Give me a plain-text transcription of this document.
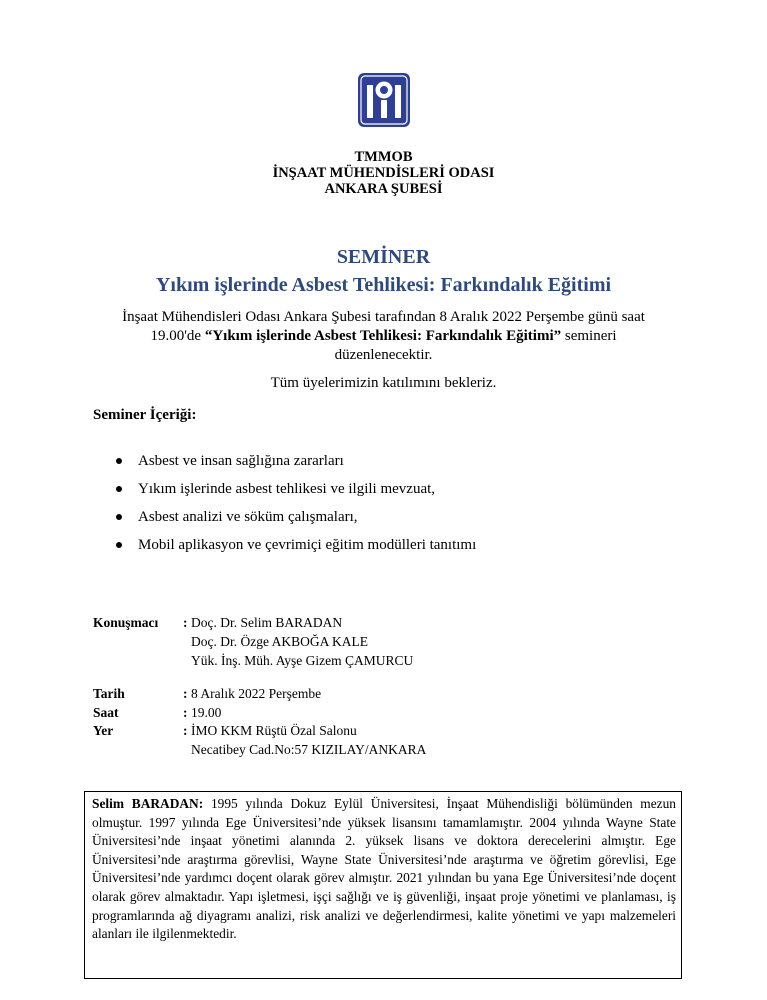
TMMOB
İNŞAAT MÜHENDİSLERİ ODASI
ANKARA ŞUBESİ
SEMİNER
Yıkım işlerinde Asbest Tehlikesi: Farkındalık Eğitimi
İnşaat Mühendisleri Odası Ankara Şubesi tarafından 8 Aralık 2022 Perşembe günü saat 19.00'de “Yıkım işlerinde Asbest Tehlikesi: Farkındalık Eğitimi” semineri düzenlenecektir.
Tüm üyelerimizin katılımını bekleriz.
Seminer İçeriği:
Asbest ve insan sağlığına zararları
Yıkım işlerinde asbest tehlikesi ve ilgili mevzuat,
Asbest analizi ve söküm çalışmaları,
Mobil aplikasyon ve çevrimiçi eğitim modülleri tanıtımı
Konuşmacı : Doç. Dr. Selim BARADAN
Doç. Dr. Özge AKBOĞA KALE
Yük. İnş. Müh. Ayşe Gizem ÇAMURCU
Tarih	: 8 Aralık 2022 Perşembe
Saat	: 19.00
Yer	: İMO KKM Rüştü Özal Salonu
Necatibey Cad.No:57 KIZILAY/ANKARA
Selim BARADAN: 1995 yılında Dokuz Eylül Üniversitesi, İnşaat Mühendisliği bölümünden mezun olmuştur. 1997 yılında Ege Üniversitesi’nde yüksek lisansını tamamlamıştır. 2004 yılında Wayne State Üniversitesi’nde inşaat yönetimi alanında 2. yüksek lisans ve doktora derecelerini almıştır. Ege Üniversitesi’nde araştırma görevlisi, Wayne State Üniversitesi’nde araştırma ve öğretim görevlisi, Ege Üniversitesi’nde yardımcı doçent olarak görev almıştır. 2021 yılından bu yana Ege Üniversitesi’nde doçent olarak görev almaktadır. Yapı işletmesi, işçi sağlığı ve iş güvenliği, inşaat proje yönetimi ve planlaması, iş programlarında ağ diyagramı analizi, risk analizi ve değerlendirmesi, kalite yönetimi ve yapı malzemeleri alanları ile ilgilenmektedir.
